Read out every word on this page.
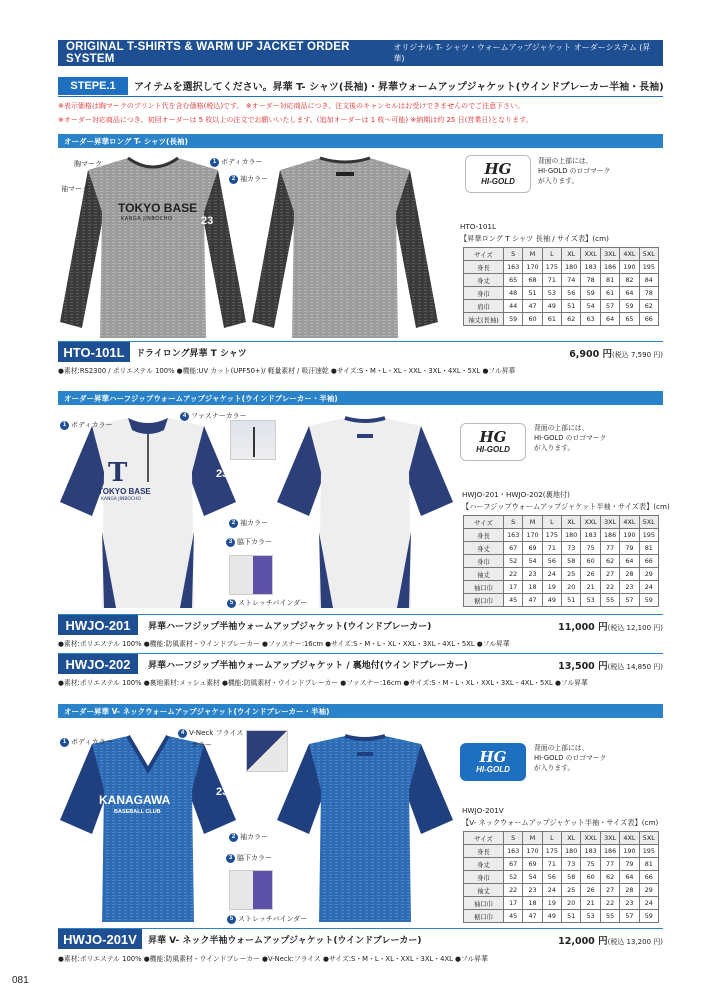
ORIGINAL T-SHIRTS & WARM UP JACKET ORDER SYSTEM
オリジナル T- シャツ・ウォームアップジャケット オーダーシステム (昇華)
STEPE.1	アイテムを選択してください。昇華 T- シャツ(長袖)・昇華ウォームアップジャケット(ウインドブレーカー半袖・長袖)
※表示価格は胸マークのプリント代を含む価格(税込)です。 ※オーダー対応商品につき、注文後のキャンセルはお受けできませんのでご注意下さい。
※オーダー対応商品につき、初回オーダーは 5 枚以上の注文でお願いいたします。(追加オーダーは 1 枚〜可能) ※納期は約 25 日(営業日)となります。
オーダー昇華ロング T- シャツ(長袖)
TOKYO BASE
KANGA JINBOCHO	23
TOKYO BASE
胸マーク
袖マーク
1 ボディカラー
2 袖カラー
HG
HI-GOLD
背面の上部には、
HI-GOLD のロゴマーク
が入ります。
HTO-101L
【昇華ロング T シャツ 長袖 / サイズ表】(cm)
サイズ	S	M	L	XL	XXL	3XL	4XL	5XL
身長	163	170	175	180	183	186	190	195
身丈	65	68	71	74	78	81	82	84
身巾	48	51	53	56	59	61	64	78
肩巾	44	47	49	51	54	57	59	62
袖丈(長袖)	59	60	61	62	63	64	65	66
HTO-101L	ドライロング昇華 T シャツ	6,900 円(税込 7,590 円)
●素材:RS2300 / ポリエステル 100% ●機能:UV カット(UPF50+)/ 軽量素材 / 吸汗速乾 ●サイズ:S・M・L・XL・XXL・3XL・4XL・5XL ●フル昇華
オーダー昇華ハーフジップウォームアップジャケット(ウインドブレーカー・半袖)
T
TOKYO BASE
KANGA JINBOCHO
23
1 ボディカラー
4 ファスナーカラー
2 袖カラー
3 脇下カラー
5 ストレッチバインダー
HG
HI-GOLD
背面の上部には、
HI-GOLD のロゴマーク
が入ります。
HWJO-201・HWJO-202(裏地付)
【ハーフジップウォームアップジャケット半袖・サイズ表】(cm)
サイズ	S	M	L	XL	XXL	3XL	4XL	5XL
身長	163	170	175	180	183	186	190	195
身丈	67	69	71	73	75	77	79	81
身巾	52	54	56	58	60	62	64	66
袖丈	22	23	24	25	26	27	28	29
袖口巾	17	18	19	20	21	22	23	24
裾口巾	45	47	49	51	53	55	57	59
HWJO-201	昇華ハーフジップ半袖ウォームアップジャケット(ウインドブレーカー)	11,000 円(税込 12,100 円)
●素材:ポリエステル 100% ●機能:防風素材・ウインドブレーカー ●ファスナー:16cm ●サイズ:S・M・L・XL・XXL・3XL・4XL・5XL ●フル昇華
HWJO-202	昇華ハーフジップ半袖ウォームアップジャケット / 裏地付(ウインドブレーカー)	13,500 円(税込 14,850 円)
●素材:ポリエステル 100% ●裏地素材:メッシュ素材 ●機能:防風素材・ウインドブレーカー ●ファスナー:16cm ●サイズ:S・M・L・XL・XXL・3XL・4XL・5XL ●フル昇華
オーダー昇華 V- ネックウォームアップジャケット(ウインドブレーカー・半袖)
KANAGAWA
BASEBALL CLUB
23
1 ボディカラー
4 V-Neck フライス
カラー
2 袖カラー
3 脇下カラー
5 ストレッチバインダー
HG
HI-GOLD
背面の上部には、
HI-GOLD のロゴマーク
が入ります。
HWJO-201V
【V- ネックウォームアップジャケット半袖・サイズ表】(cm)
サイズ	S	M	L	XL	XXL	3XL	4XL	5XL
身長	163	170	175	180	183	186	190	195
身丈	67	69	71	73	75	77	79	81
身巾	52	54	56	58	60	62	64	66
袖丈	22	23	24	25	26	27	28	29
袖口巾	17	18	19	20	21	22	23	24
裾口巾	45	47	49	51	53	55	57	59
HWJO-201V	昇華 V- ネック半袖ウォームアップジャケット(ウインドブレーカー)	12,000 円(税込 13,200 円)
●素材:ポリエステル 100% ●機能:防風素材・ウインドブレーカー ●V-Neck:フライス ●サイズ:S・M・L・XL・XXL・3XL・4XL ●フル昇華
081
